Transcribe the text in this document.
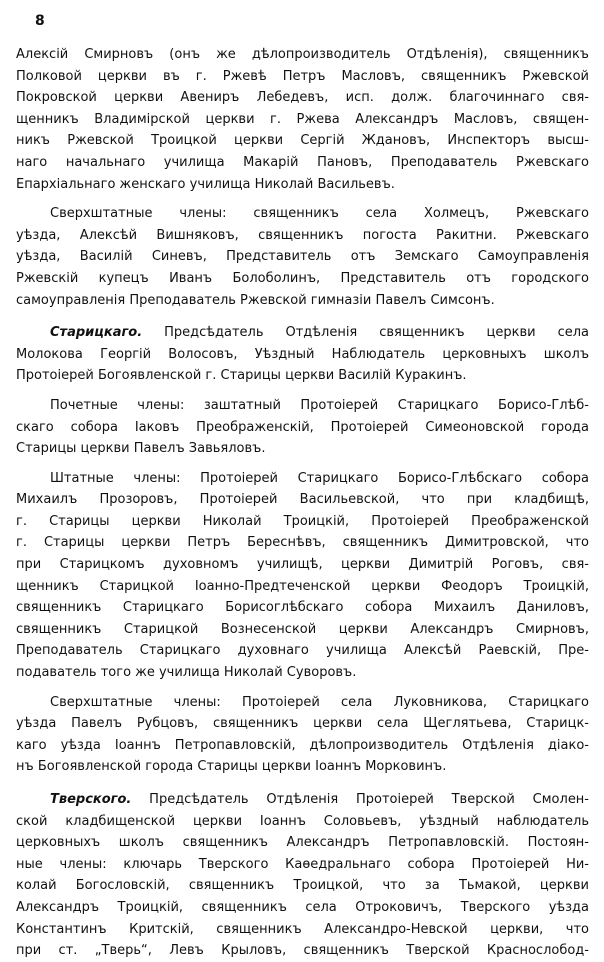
8

Алексій Смирновъ (онъ же дѣлопроизводитель Отдѣленія), священникъ
Полковой церкви въ г. Ржевѣ Петръ Масловъ, священникъ Ржевской
Покровской церкви Авениръ Лебедевъ, исп. долж. благочиннаго свя-
щенникъ Владимірской церкви г. Ржева Александръ Масловъ, священ-
никъ Ржевской Троицкой церкви Сергій Ждановъ, Инспекторъ высш-
наго начальнаго училища Макарій Пановъ, Преподаватель Ржевскаго
Епархіальнаго женскаго училища Николай Васильевъ.

Сверхштатные члены: священникъ села Холмецъ, Ржевскаго
уѣзда, Алексѣй Вишняковъ, священникъ погоста Ракитни. Ржевскаго
уѣзда, Василій Синевъ, Представитель отъ Земскаго Самоуправленія
Ржевскій купецъ Иванъ Болоболинъ, Представитель отъ городского
самоуправленія Преподаватель Ржевской гимназіи Павелъ Симсонъ.

Старицкаго. Предсѣдатель Отдѣленія священникъ церкви села
Молокова Георгій Волосовъ, Уѣздный Наблюдатель церковныхъ школъ
Протоіерей Богоявленской г. Старицы церкви Василій Куракинъ.

Почетные члены: заштатный Протоіерей Старицкаго Борисо-Глѣб-
скаго собора Іаковъ Преображенскій, Протоіерей Симеоновской города
Старицы церкви Павелъ Завьяловъ.

Штатные члены: Протоіерей Старицкаго Борисо-Глѣбскаго собора
Михаилъ Прозоровъ, Протоіерей Васильевской, что при кладбищѣ,
г. Старицы церкви Николай Троицкій, Протоіерей Преображенской
г. Старицы церкви Петръ Береснѣвъ, священникъ Димитровской, что
при Старицкомъ духовномъ училищѣ, церкви Димитрій Роговъ, свя-
щенникъ Старицкой Іоанно-Предтеченской церкви Феодоръ Троицкій,
священникъ Старицкаго Борисоглѣбскаго собора Михаилъ Даниловъ,
священникъ Старицкой Вознесенской церкви Александръ Смирновъ,
Преподаватель Старицкаго духовнаго училища Алексѣй Раевскій, Пре-
подаватель того же училища Николай Суворовъ.

Сверхштатные члены: Протоіерей села Луковникова, Старицкаго
уѣзда Павелъ Рубцовъ, священникъ церкви села Щеглятьева, Старицк-
каго уѣзда Іоаннъ Петропавловскій, дѣлопроизводитель Отдѣленія діако-
нъ Богоявленской города Старицы церкви Іоаннъ Морковинъ.

Тверского. Предсѣдатель Отдѣленія Протоіерей Тверской Смолен-
ской кладбищенской церкви Іоаннъ Соловьевъ, уѣздный наблюдатель
церковныхъ школъ священникъ Александръ Петропавловскій. Постоян-
ные члены: ключарь Тверского Каѳедральнаго собора Протоіерей Ни-
колай Богословскій, священникъ Троицкой, что за Тьмакой, церкви
Александръ Троицкій, священникъ села Отроковичъ, Тверского уѣзда
Константинъ Критскій, священникъ Александро-Невской церкви, что
при ст. „Тверь“, Левъ Крыловъ, священникъ Тверской Краснослобод-
